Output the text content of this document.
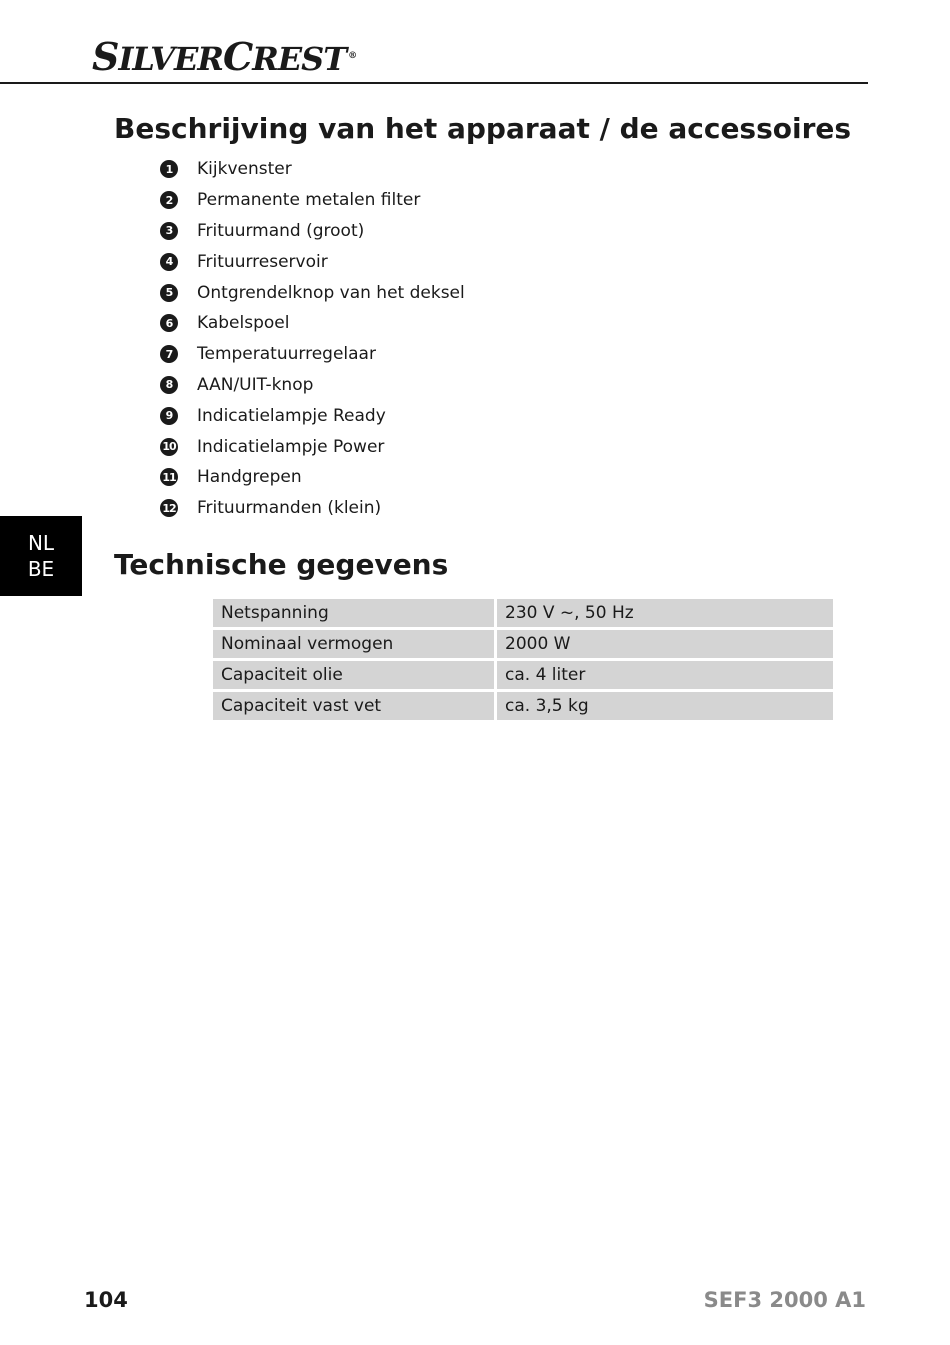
SILVERCREST ®
Beschrijving van het apparaat / de accessoires
1	Kijkvenster
2	Permanente metalen filter
3	Frituurmand (groot)
4	Frituurreservoir
5	Ontgrendelknop van het deksel
6	Kabelspoel
7	Temperatuurregelaar
8	AAN/UIT-knop
9	Indicatielampje Ready
10 Indicatielampje Power
11 Handgrepen
12 Frituurmanden (klein)
NL
BE	Technische gegevens
Netspanning	230 V ~, 50 Hz
Nominaal vermogen	2000 W
Capaciteit olie	ca. 4 liter
Capaciteit vast vet	ca. 3,5 kg
104	SEF3 2000 A1
